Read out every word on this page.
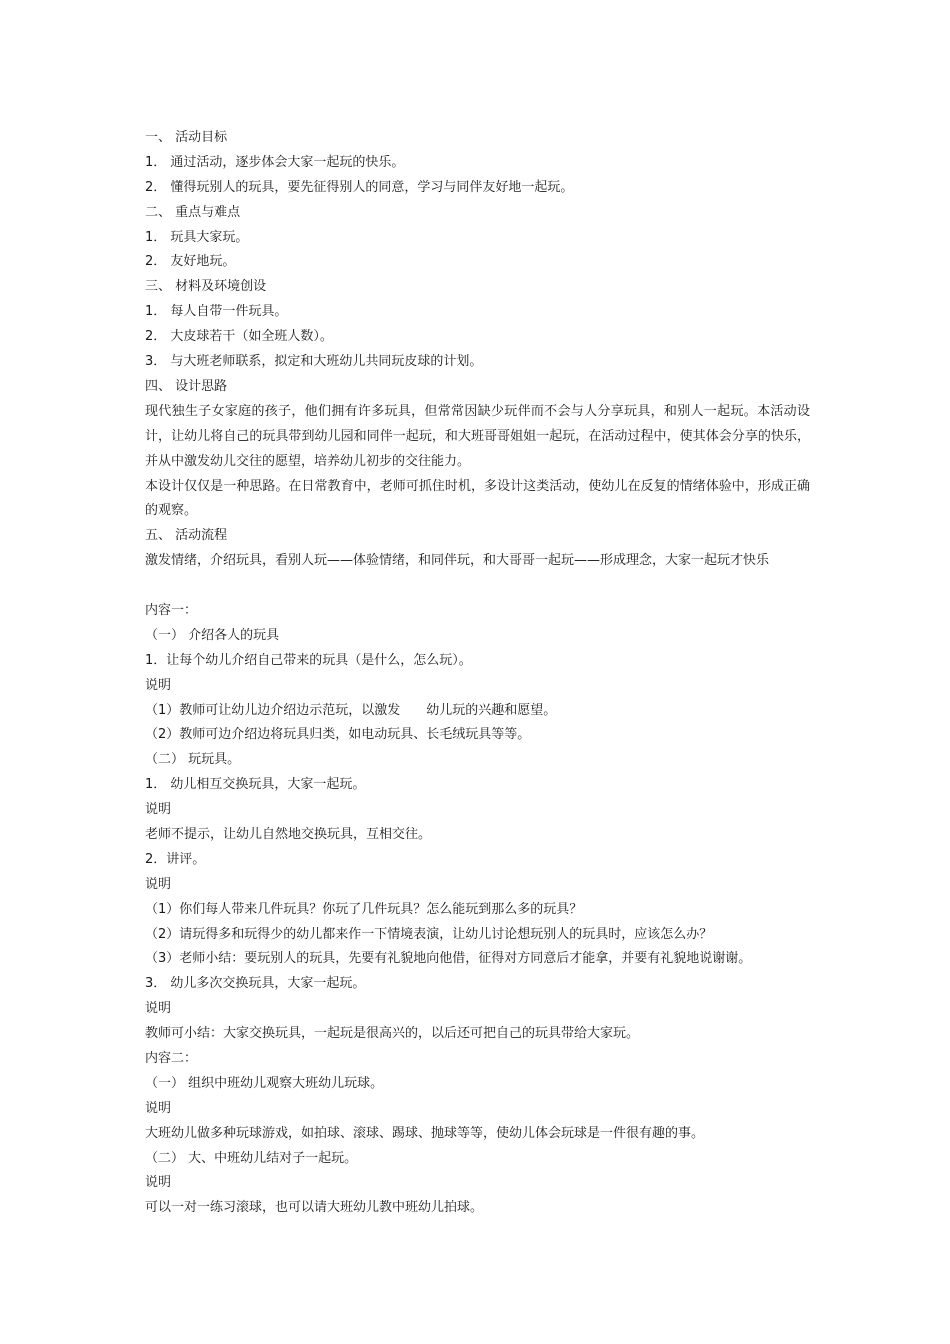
一、 活动目标
1． 通过活动，逐步体会大家一起玩的快乐。
2． 懂得玩别人的玩具，要先征得别人的同意，学习与同伴友好地一起玩。
二、 重点与难点
1． 玩具大家玩。
2． 友好地玩。
三、 材料及环境创设
1． 每人自带一件玩具。
2． 大皮球若干（如全班人数）。
3． 与大班老师联系，拟定和大班幼儿共同玩皮球的计划。
四、 设计思路
现代独生子女家庭的孩子，他们拥有许多玩具，但常常因缺少玩伴而不会与人分享玩具，和别人一起玩。本活动设计，让幼儿将自己的玩具带到幼儿园和同伴一起玩，和大班哥哥姐姐一起玩，在活动过程中，使其体会分享的快乐，并从中激发幼儿交往的愿望，培养幼儿初步的交往能力。
本设计仅仅是一种思路。在日常教育中，老师可抓住时机，多设计这类活动，使幼儿在反复的情绪体验中，形成正确的观察。
五、 活动流程
激发情绪，介绍玩具，看别人玩——体验情绪，和同伴玩，和大哥哥一起玩——形成理念，大家一起玩才快乐
内容一：
（一） 介绍各人的玩具
1．让每个幼儿介绍自己带来的玩具（是什么，怎么玩）。
说明
（1）教师可让幼儿边介绍边示范玩，以激发　　幼儿玩的兴趣和愿望。
（2）教师可边介绍边将玩具归类，如电动玩具、长毛绒玩具等等。
（二） 玩玩具。
1． 幼儿相互交换玩具，大家一起玩。
说明
老师不提示，让幼儿自然地交换玩具，互相交往。
2．讲评。
说明
（1）你们每人带来几件玩具？你玩了几件玩具？怎么能玩到那么多的玩具？
（2）请玩得多和玩得少的幼儿都来作一下情境表演，让幼儿讨论想玩别人的玩具时，应该怎么办？
（3）老师小结：要玩别人的玩具，先要有礼貌地向他借，征得对方同意后才能拿，并要有礼貌地说谢谢。
3． 幼儿多次交换玩具，大家一起玩。
说明
教师可小结：大家交换玩具，一起玩是很高兴的，以后还可把自己的玩具带给大家玩。
内容二：
（一） 组织中班幼儿观察大班幼儿玩球。
说明
大班幼儿做多种玩球游戏，如拍球、滚球、踢球、抛球等等，使幼儿体会玩球是一件很有趣的事。
（二） 大、中班幼儿结对子一起玩。
说明
可以一对一练习滚球，也可以请大班幼儿教中班幼儿拍球。
